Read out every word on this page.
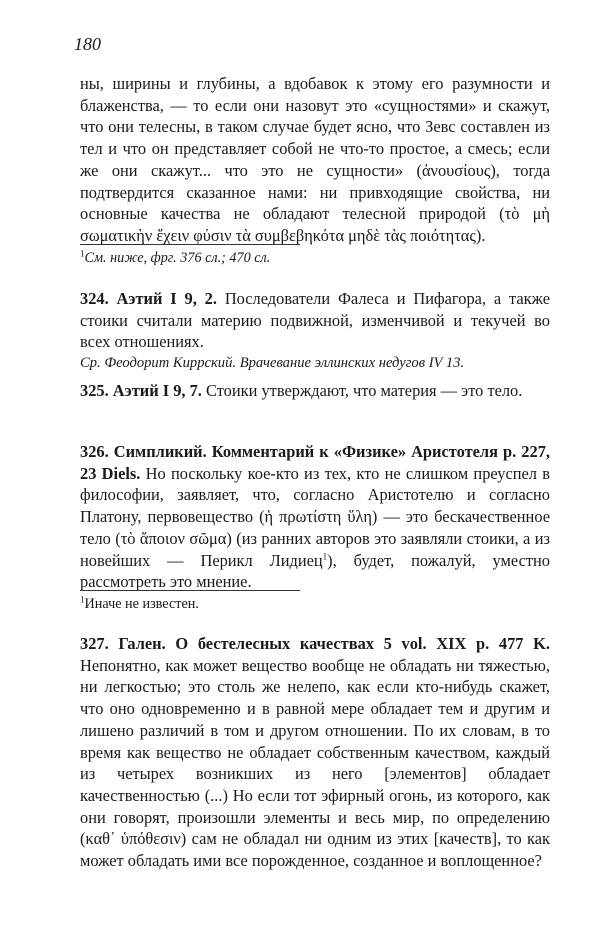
180

ны, ширины и глубины, а вдобавок к этому его разумности и блаженства, — то если они назовут это «сущностями» и скажут, что они телесны, в таком случае будет ясно, что Зевс составлен из тел и что он представляет собой не что-то простое, а смесь; если же они скажут... что это не сущности» (ἀνουσίους), тогда подтвердится сказанное нами: ни привходящие свойства, ни основные качества не обладают телесной природой (τὸ μὴ σωματικὴν ἔχειν φύσιν τὰ συμβεβηκότα μηδὲ τὰς ποιότητας).

$^1$См. ниже, фрг. 376 сл.; 470 сл.

324. Аэтий I 9, 2. Последователи Фалеса и Пифагора, а также стоики считали материю подвижной, изменчивой и текучей во всех отношениях.

Ср. Феодорит Киррский. Врачевание эллинских недугов IV 13.

325. Аэтий I 9, 7. Стоики утверждают, что материя — это тело.

326. Симпликий. Комментарий к «Физике» Аристотеля p. 227, 23 Diels. Но поскольку кое-кто из тех, кто не слишком преуспел в философии, заявляет, что, согласно Аристотелю и согласно Платону, первовещество (ἡ πρωτίστη ὕλη) — это бескачественное тело (τὸ ἄποιον σῶμα) (из ранних авторов это заявляли стоики, а из новейших — Перикл Лидиец$^1$), будет, пожалуй, уместно рассмотреть это мнение.

$^1$Иначе не известен.

327. Гален. О бестелесных качествах 5 vol. XIX p. 477 K. Непонятно, как может вещество вообще не обладать ни тяжестью, ни легкостью; это столь же нелепо, как если кто-нибудь скажет, что оно одновременно и в равной мере обладает тем и другим и лишено различий в том и другом отношении. По их словам, в то время как вещество не обладает собственным качеством, каждый из четырех возникших из него [элементов] обладает качественностью (...) Но если тот эфирный огонь, из которого, как они говорят, произошли элементы и весь мир, по определению (καθ᾽ ὑπόθεσιν) сам не обладал ни одним из этих [качеств], то как может обладать ими все порожденное, созданное и воплощенное?
